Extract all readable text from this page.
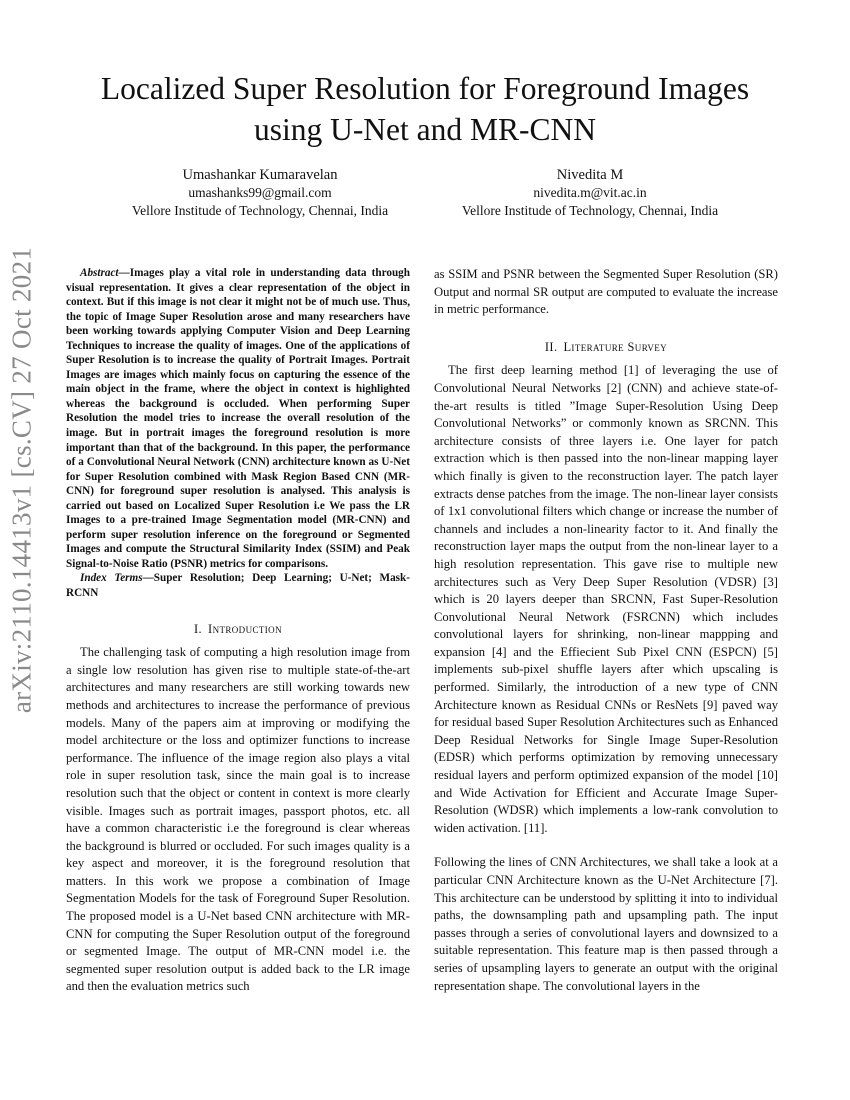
arXiv:2110.14413v1 [cs.CV] 27 Oct 2021
Localized Super Resolution for Foreground Images
using U-Net and MR-CNN
Umashankar Kumaravelan
umashanks99@gmail.com
Vellore Institude of Technology, Chennai, India
Nivedita M
nivedita.m@vit.ac.in
Vellore Institude of Technology, Chennai, India

Abstract—Images play a vital role in understanding data through visual representation. It gives a clear representation of the object in context. But if this image is not clear it might not be of much use. Thus, the topic of Image Super Resolution arose and many researchers have been working towards applying Computer Vision and Deep Learning Techniques to increase the quality of images. One of the applications of Super Resolution is to increase the quality of Portrait Images. Portrait Images are images which mainly focus on capturing the essence of the main object in the frame, where the object in context is highlighted whereas the background is occluded. When performing Super Resolution the model tries to increase the overall resolution of the image. But in portrait images the foreground resolution is more important than that of the background. In this paper, the performance of a Convolutional Neural Network (CNN) architecture known as U-Net for Super Resolution combined with Mask Region Based CNN (MR-CNN) for foreground super resolution is analysed. This analysis is carried out based on Localized Super Resolution i.e We pass the LR Images to a pre-trained Image Segmentation model (MR-CNN) and perform super resolution inference on the foreground or Segmented Images and compute the Structural Similarity Index (SSIM) and Peak Signal-to-Noise Ratio (PSNR) metrics for comparisons.

Index Terms—Super Resolution; Deep Learning; U-Net; Mask-RCNN

I. Introduction

The challenging task of computing a high resolution image from a single low resolution has given rise to multiple state-of-the-art architectures and many researchers are still working towards new methods and architectures to increase the performance of previous models. Many of the papers aim at improving or modifying the model architecture or the loss and optimizer functions to increase performance. The influence of the image region also plays a vital role in super resolution task, since the main goal is to increase resolution such that the object or content in context is more clearly visible. Images such as portrait images, passport photos, etc. all have a common characteristic i.e the foreground is clear whereas the background is blurred or occluded. For such images quality is a key aspect and moreover, it is the foreground resolution that matters. In this work we propose a combination of Image Segmentation Models for the task of Foreground Super Resolution. The proposed model is a U-Net based CNN architecture with MR-CNN for computing the Super Resolution output of the foreground or segmented Image. The output of MR-CNN model i.e. the segmented super resolution output is added back to the LR image and then the evaluation metrics such

as SSIM and PSNR between the Segmented Super Resolution (SR) Output and normal SR output are computed to evaluate the increase in metric performance.

II. Literature Survey

The first deep learning method [1] of leveraging the use of Convolutional Neural Networks [2] (CNN) and achieve state-of-the-art results is titled ”Image Super-Resolution Using Deep Convolutional Networks” or commonly known as SRCNN. This architecture consists of three layers i.e. One layer for patch extraction which is then passed into the non-linear mapping layer which finally is given to the reconstruction layer. The patch layer extracts dense patches from the image. The non-linear layer consists of 1x1 convolutional filters which change or increase the number of channels and includes a non-linearity factor to it. And finally the reconstruction layer maps the output from the non-linear layer to a high resolution representation. This gave rise to multiple new architectures such as Very Deep Super Resolution (VDSR) [3] which is 20 layers deeper than SRCNN, Fast Super-Resolution Convolutional Neural Network (FSRCNN) which includes convolutional layers for shrinking, non-linear mappping and expansion [4] and the Effiecient Sub Pixel CNN (ESPCN) [5] implements sub-pixel shuffle layers after which upscaling is performed. Similarly, the introduction of a new type of CNN Architecture known as Residual CNNs or ResNets [9] paved way for residual based Super Resolution Architectures such as Enhanced Deep Residual Networks for Single Image Super-Resolution (EDSR) which performs optimization by removing unnecessary residual layers and perform optimized expansion of the model [10] and Wide Activation for Efficient and Accurate Image Super-Resolution (WDSR) which implements a low-rank convolution to widen activation. [11].

Following the lines of CNN Architectures, we shall take a look at a particular CNN Architecture known as the U-Net Architecture [7]. This architecture can be understood by splitting it into to individual paths, the downsampling path and upsampling path. The input passes through a series of convolutional layers and downsized to a suitable representation. This feature map is then passed through a series of upsampling layers to generate an output with the original representation shape. The convolutional layers in the
